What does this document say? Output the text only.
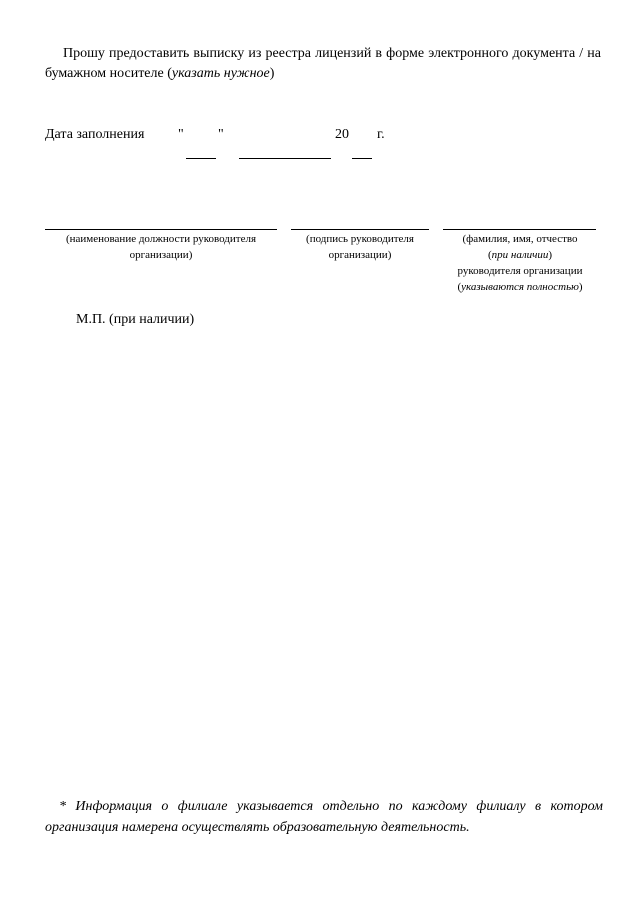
Прошу предоставить выписку из реестра лицензий в форме электронного документа / на бумажном носителе (указать нужное)
Дата заполнения " "	20 г.
(наименование должности руководителя
организации)
(подпись руководителя
организации)
(фамилия, имя, отчество
(при наличии)
руководителя организации
(указываются полностью)
М.П. (при наличии)
* Информация о филиале указывается отдельно по каждому филиалу в котором организация намерена осуществлять образовательную деятельность.
